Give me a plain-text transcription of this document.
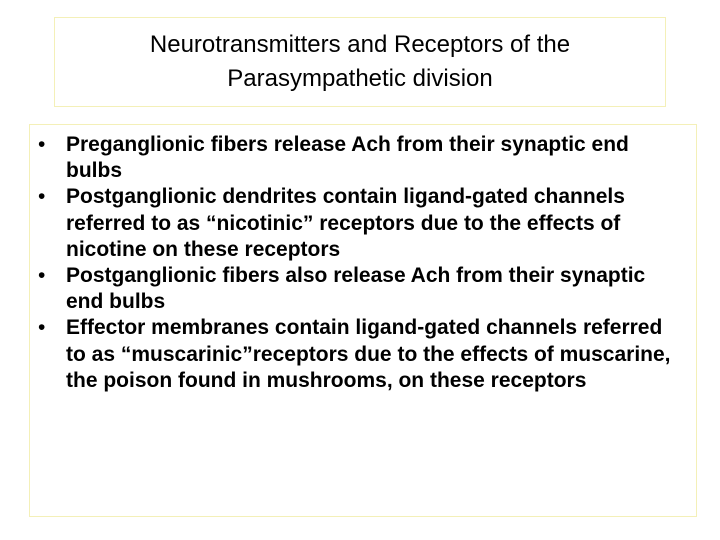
Neurotransmitters and Receptors of the Parasympathetic division
• Preganglionic fibers release Ach from their synaptic end bulbs
• Postganglionic dendrites contain ligand-gated channels referred to as “nicotinic” receptors due to the effects of nicotine on these receptors
• Postganglionic fibers also release Ach from their synaptic end bulbs
• Effector membranes contain ligand-gated channels referred to as “muscarinic”receptors due to the effects of muscarine, the poison found in mushrooms, on these receptors
